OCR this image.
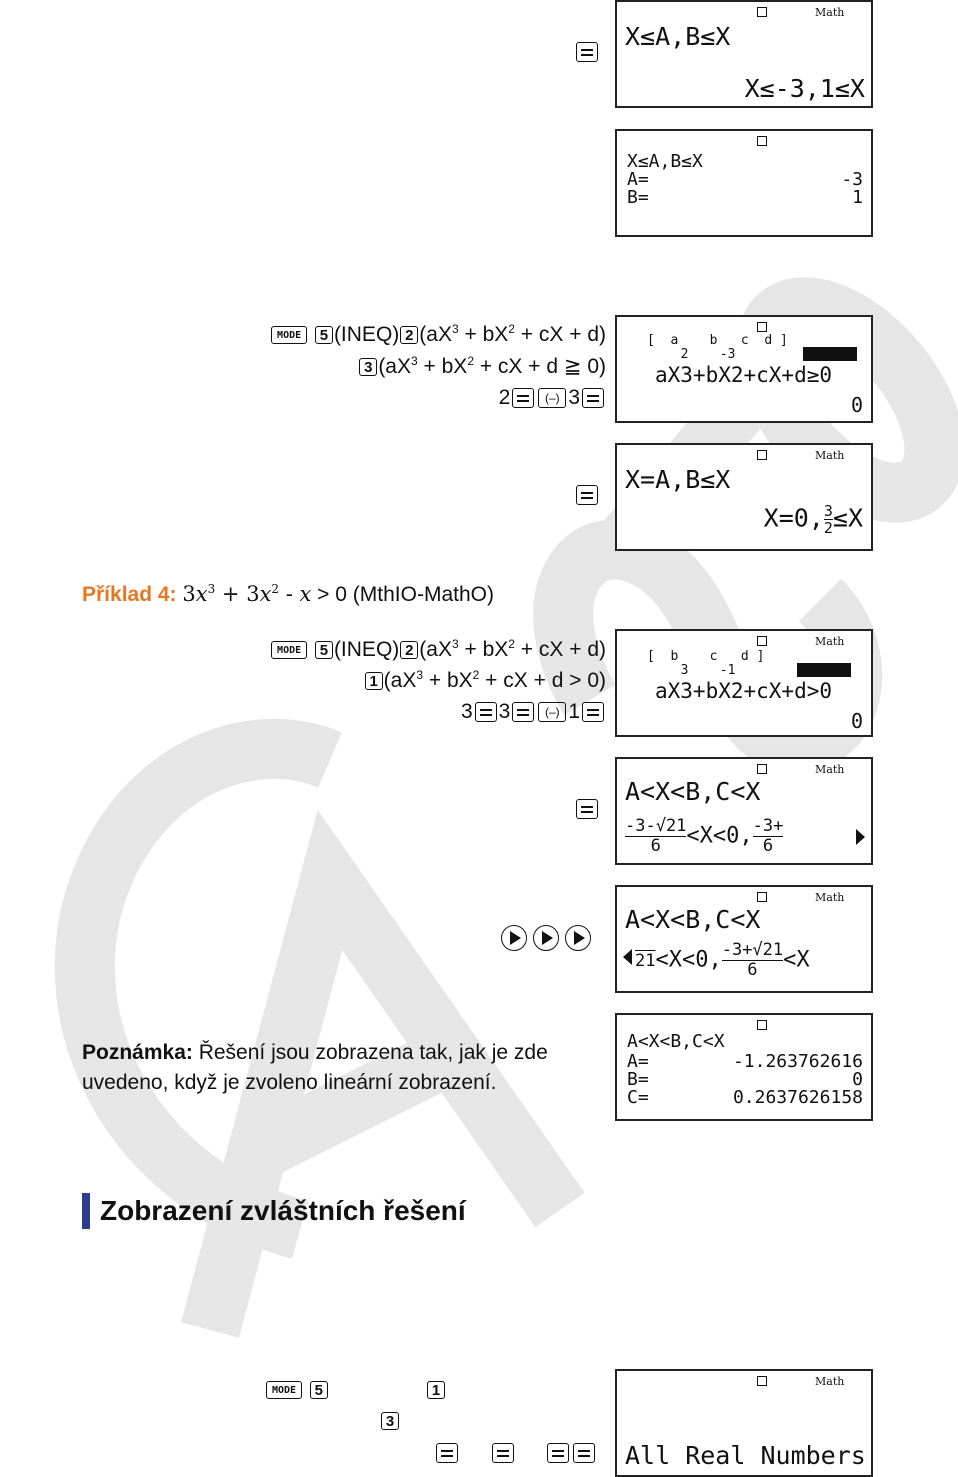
Math
X≤A,B≤X
X≤-3,1≤X
X≤A,B≤X
A=	-3
B=	1
MODE 5 (INEQ) 2 ($aX^3 + bX^2$ + cX + d)
3 ($aX^3 + bX^2$ + cX + d ≧ 0)
2	(–) 3
[  a    b   c  d ]
2    -3
aX3+bX2+cX+d≥0
0
Math
X=A,B≤X
X=0, $\frac{3}{2} \le X$
Příklad 4: $3x^3 + 3x^2 - x > 0$ (MthIO-MathO)
MODE 5 (INEQ) 2 ($aX^3 + bX^2$ + cX + d)
1 ($aX^3 + bX^2$ + cX + d > 0)
3 3	(–) 1
Math
[  b    c   d ]
3    -1
aX3+bX2+cX+d>0
0
Math
A<X<B,C<X
$\frac{-3-√21}{6} <X<0$, $\frac{-3+}{6}$
Math
A<X<B,C<X
21<X<0, $\frac{-3+√21}{6} <X$
Poznámka: Řešení jsou zobrazena tak, jak je zde uvedeno, když je zvoleno lineární zobrazení.
A<X<B,C<X
A=	-1.263762616
B=	0
C=	0.2637626158
Zobrazení zvláštních řešení
MODE 5	1
3

Math
All Real Numbers
